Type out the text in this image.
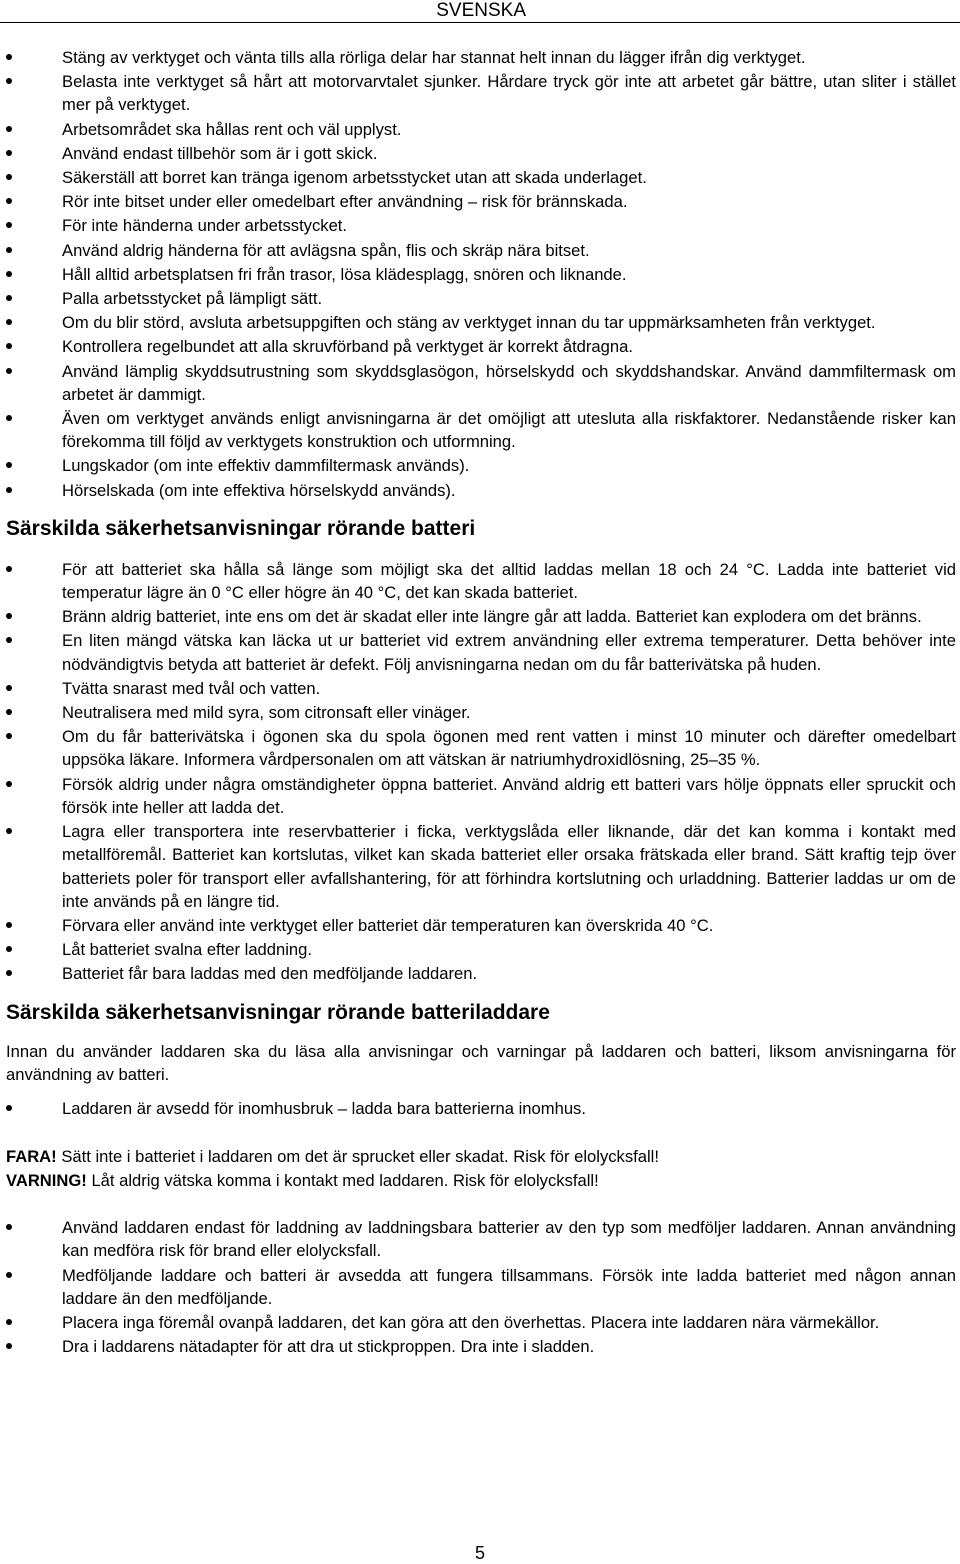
SVENSKA
Stäng av verktyget och vänta tills alla rörliga delar har stannat helt innan du lägger ifrån dig verktyget.
Belasta inte verktyget så hårt att motorvarvtalet sjunker. Hårdare tryck gör inte att arbetet går bättre, utan sliter i stället mer på verktyget.
Arbetsområdet ska hållas rent och väl upplyst.
Använd endast tillbehör som är i gott skick.
Säkerställ att borret kan tränga igenom arbetsstycket utan att skada underlaget.
Rör inte bitset under eller omedelbart efter användning – risk för brännskada.
För inte händerna under arbetsstycket.
Använd aldrig händerna för att avlägsna spån, flis och skräp nära bitset.
Håll alltid arbetsplatsen fri från trasor, lösa klädesplagg, snören och liknande.
Palla arbetsstycket på lämpligt sätt.
Om du blir störd, avsluta arbetsuppgiften och stäng av verktyget innan du tar uppmärksamheten från verktyget.
Kontrollera regelbundet att alla skruvförband på verktyget är korrekt åtdragna.
Använd lämplig skyddsutrustning som skyddsglasögon, hörselskydd och skyddshandskar. Använd dammfiltermask om arbetet är dammigt.
Även om verktyget används enligt anvisningarna är det omöjligt att utesluta alla riskfaktorer. Nedanstående risker kan förekomma till följd av verktygets konstruktion och utformning.
Lungskador (om inte effektiv dammfiltermask används).
Hörselskada (om inte effektiva hörselskydd används).
Särskilda säkerhetsanvisningar rörande batteri
För att batteriet ska hålla så länge som möjligt ska det alltid laddas mellan 18 och 24 °C. Ladda inte batteriet vid temperatur lägre än 0 °C eller högre än 40 °C, det kan skada batteriet.
Bränn aldrig batteriet, inte ens om det är skadat eller inte längre går att ladda. Batteriet kan explodera om det bränns.
En liten mängd vätska kan läcka ut ur batteriet vid extrem användning eller extrema temperaturer. Detta behöver inte nödvändigtvis betyda att batteriet är defekt. Följ anvisningarna nedan om du får batterivätska på huden.
Tvätta snarast med tvål och vatten.
Neutralisera med mild syra, som citronsaft eller vinäger.
Om du får batterivätska i ögonen ska du spola ögonen med rent vatten i minst 10 minuter och därefter omedelbart uppsöka läkare. Informera vårdpersonalen om att vätskan är natriumhydroxidlösning, 25–35 %.
Försök aldrig under några omständigheter öppna batteriet. Använd aldrig ett batteri vars hölje öppnats eller spruckit och försök inte heller att ladda det.
Lagra eller transportera inte reservbatterier i ficka, verktygslåda eller liknande, där det kan komma i kontakt med metallföremål. Batteriet kan kortslutas, vilket kan skada batteriet eller orsaka frätskada eller brand. Sätt kraftig tejp över batteriets poler för transport eller avfallshantering, för att förhindra kortslutning och urladdning. Batterier laddas ur om de inte används på en längre tid.
Förvara eller använd inte verktyget eller batteriet där temperaturen kan överskrida 40 °C.
Låt batteriet svalna efter laddning.
Batteriet får bara laddas med den medföljande laddaren.
Särskilda säkerhetsanvisningar rörande batteriladdare

Innan du använder laddaren ska du läsa alla anvisningar och varningar på laddaren och batteri, liksom anvisningarna för användning av batteri.

Laddaren är avsedd för inomhusbruk – ladda bara batterierna inomhus.
FARA! Sätt inte i batteriet i laddaren om det är sprucket eller skadat. Risk för elolycksfall!
VARNING! Låt aldrig vätska komma i kontakt med laddaren. Risk för elolycksfall!
Använd laddaren endast för laddning av laddningsbara batterier av den typ som medföljer laddaren. Annan användning kan medföra risk för brand eller elolycksfall.
Medföljande laddare och batteri är avsedda att fungera tillsammans. Försök inte ladda batteriet med någon annan laddare än den medföljande.
Placera inga föremål ovanpå laddaren, det kan göra att den överhettas. Placera inte laddaren nära värmekällor.
Dra i laddarens nätadapter för att dra ut stickproppen. Dra inte i sladden.
5
